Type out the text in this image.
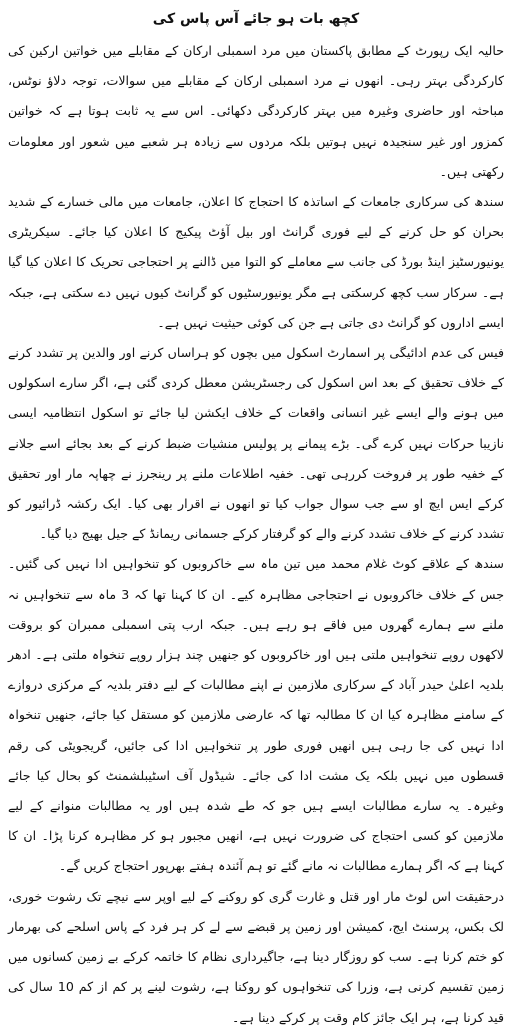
کچھ بات ہو جائے آس پاس کی

حالیہ ایک رپورٹ کے مطابق پاکستان میں مرد اسمبلی ارکان کے مقابلے میں خواتین ارکین کی کارکردگی بہتر رہی۔ انھوں نے مرد اسمبلی ارکان کے مقابلے میں سوالات، توجہ دلاؤ نوٹس، مباحثہ اور حاضری وغیرہ میں بہتر کارکردگی دکھائی۔ اس سے یہ ثابت ہوتا ہے کہ خواتین کمزور اور غیر سنجیدہ نہیں ہوتیں بلکہ مردوں سے زیادہ ہر شعبے میں شعور اور معلومات رکھتی ہیں۔

سندھ کی سرکاری جامعات کے اساتذہ کا احتجاج کا اعلان، جامعات میں مالی خسارے کے شدید بحران کو حل کرنے کے لیے فوری گرانٹ اور بیل آؤٹ پیکیج کا اعلان کیا جائے۔ سیکریٹری یونیورسٹیز اینڈ بورڈ کی جانب سے معاملے کو التوا میں ڈالنے پر احتجاجی تحریک کا اعلان کیا گیا ہے۔ سرکار سب کچھ کرسکتی ہے مگر یونیورسٹیوں کو گرانٹ کیوں نہیں دے سکتی ہے، جبکہ ایسے اداروں کو گرانٹ دی جاتی ہے جن کی کوئی حیثیت نہیں ہے۔

فیس کی عدم ادائیگی پر اسمارٹ اسکول میں بچوں کو ہراساں کرنے اور والدین پر تشدد کرنے کے خلاف تحقیق کے بعد اس اسکول کی رجسٹریشن معطل کردی گئی ہے، اگر سارے اسکولوں میں ہونے والے ایسے غیر انسانی واقعات کے خلاف ایکشن لیا جائے تو اسکول انتظامیہ ایسی نازیبا حرکات نہیں کرے گی۔ بڑے پیمانے پر پولیس منشیات ضبط کرنے کے بعد بجائے اسے جلانے کے خفیہ طور پر فروخت کررہی تھی۔ خفیہ اطلاعات ملنے پر رینجرز نے چھاپہ مار اور تحقیق کرکے ایس ایچ او سے جب سوال جواب کیا تو انھوں نے اقرار بھی کیا۔ ایک رکشہ ڈرائیور کو تشدد کرنے کے خلاف تشدد کرنے والے کو گرفتار کرکے جسمانی ریمانڈ کے جیل بھیج دیا گیا۔

سندھ کے علاقے کوٹ غلام محمد میں تین ماہ سے خاکروبوں کو تنخواہیں ادا نہیں کی گئیں۔ جس کے خلاف خاکروبوں نے احتجاجی مظاہرہ کیے۔ ان کا کہنا تھا کہ 3 ماہ سے تنخواہیں نہ ملنے سے ہمارے گھروں میں فاقے ہو رہے ہیں۔ جبکہ ارب پتی اسمبلی ممبران کو بروقت لاکھوں روپے تنخواہیں ملتی ہیں اور خاکروبوں کو جنھیں چند ہزار روپے تنخواہ ملتی ہے۔ ادھر بلدیہ اعلیٰ حیدر آباد کے سرکاری ملازمین نے اپنے مطالبات کے لیے دفتر بلدیہ کے مرکزی دروازے کے سامنے مظاہرہ کیا ان کا مطالبہ تھا کہ عارضی ملازمین کو مستقل کیا جائے، جنھیں تنخواہ ادا نہیں کی جا رہی ہیں انھیں فوری طور پر تنخواہیں ادا کی جائیں، گریجویٹی کی رقم قسطوں میں نہیں بلکہ یک مشت ادا کی جائے۔ شیڈول آف اسٹیبلشمنٹ کو بحال کیا جائے وغیرہ۔ یہ سارے مطالبات ایسے ہیں جو کہ طے شدہ ہیں اور یہ مطالبات منوانے کے لیے ملازمین کو کسی احتجاج کی ضرورت نہیں ہے، انھیں مجبور ہو کر مظاہرہ کرنا پڑا۔ ان کا کہنا ہے کہ اگر ہمارے مطالبات نہ مانے گئے تو ہم آئندہ ہفتے بھرپور احتجاج کریں گے۔

درحقیقت اس لوٹ مار اور قتل و غارت گری کو روکنے کے لیے اوپر سے نیچے تک رشوت خوری، لک بکس، پرسنٹ ایج، کمیشن اور زمین پر قبضے سے لے کر ہر فرد کے پاس اسلحے کی بھرمار کو ختم کرنا ہے۔ سب کو روزگار دینا ہے، جاگیرداری نظام کا خاتمہ کرکے بے زمین کسانوں میں زمین تقسیم کرنی ہے، وزرا کی تنخواہوں کو روکنا ہے، رشوت لینے پر کم از کم 10 سال کی قید کرنا ہے، ہر ایک جائز کام وقت پر کرکے دینا ہے۔
